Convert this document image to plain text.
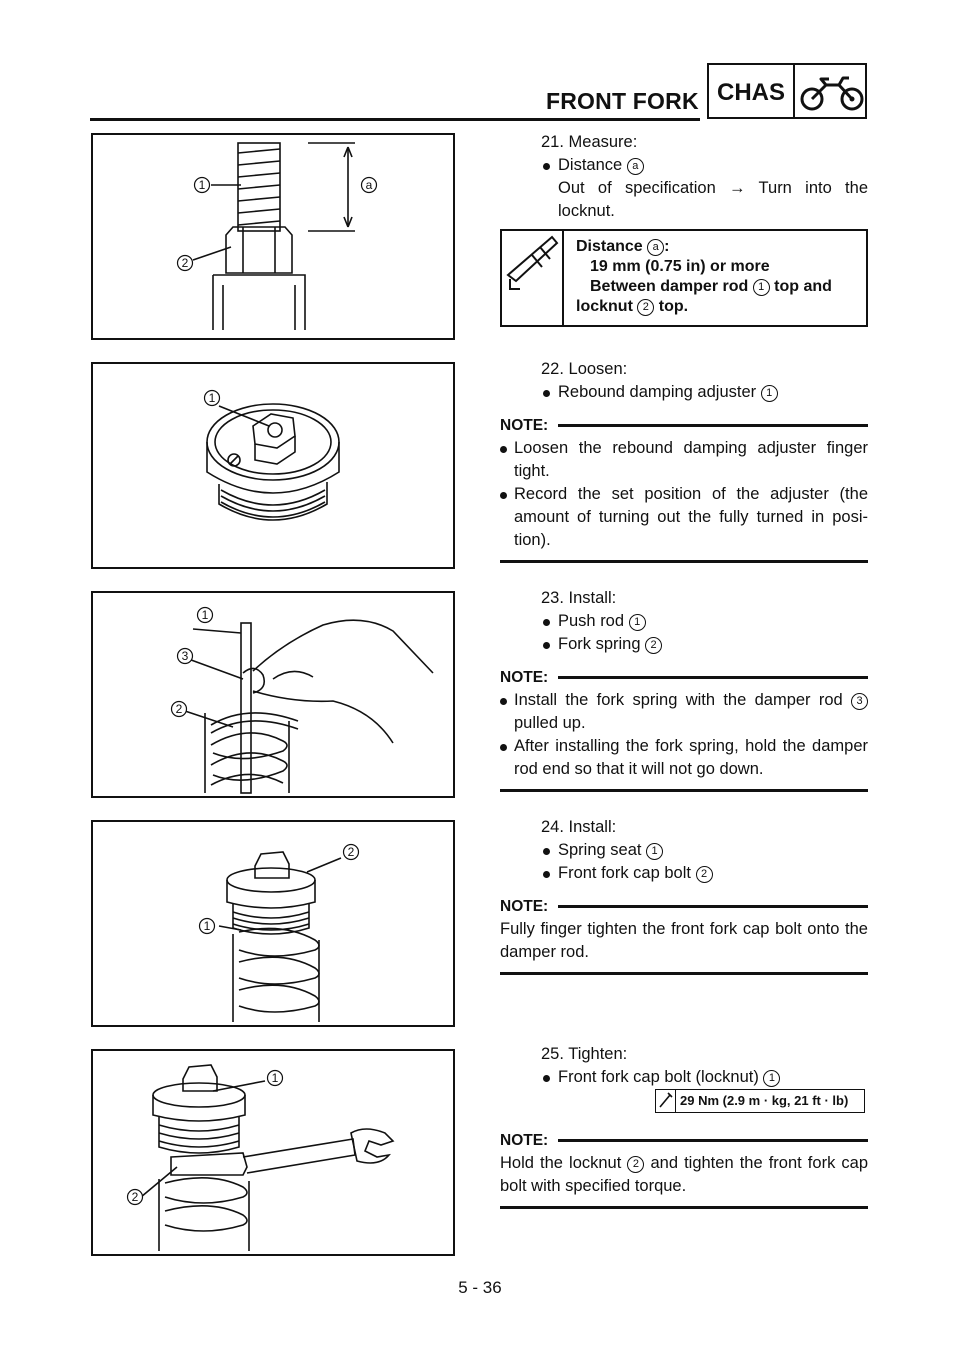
FRONT FORK CHAS
1
2
a
1
1
3
2
2
1
1
2
21. Measure:
Distance a
Out of specification → Turn into the locknut.
Distance a :
19 mm (0.75 in) or more
Between damper rod 1 top and
locknut 2 top.
22. Loosen:
Rebound damping adjuster 1
NOTE:
Loosen the rebound damping adjuster finger tight.
Record the set position of the adjuster (the amount of turning out the fully turned in posi-tion).
23. Install:
Push rod 1
Fork spring 2
NOTE:
Install the fork spring with the damper rod 3 pulled up.
After installing the fork spring, hold the damper rod end so that it will not go down.
24. Install:
Spring seat 1
Front fork cap bolt 2
NOTE:
Fully finger tighten the front fork cap bolt onto the damper rod.
25. Tighten:
Front fork cap bolt (locknut) 1
NOTE:
Hold the locknut 2 and tighten the front fork cap bolt with specified torque.
29 Nm (2.9 m · kg, 21 ft · lb)
5 - 36
